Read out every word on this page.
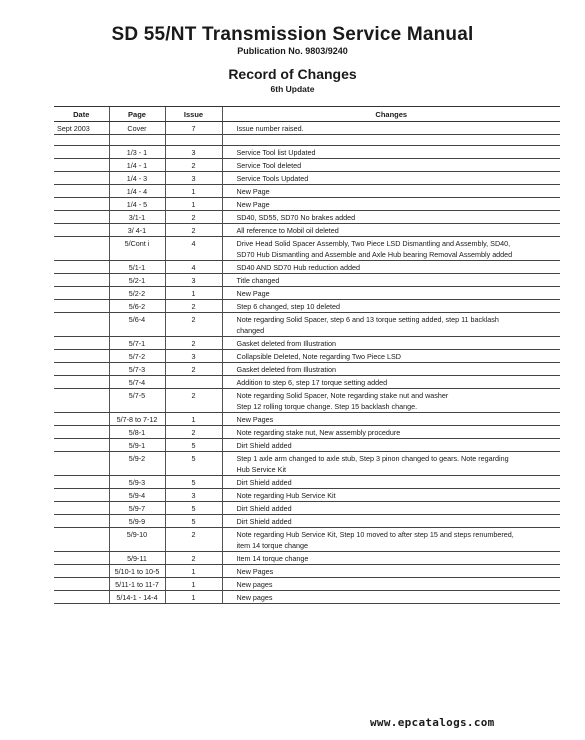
SD 55/NT Transmission Service Manual
Publication No. 9803/9240
Record of Changes
6th Update
Date	Page	Issue	Changes
Sept 2003	Cover	7	Issue number raised.

	1/3 - 1	3	Service Tool list Updated

	1/4 - 1	2	Service Tool deleted

	1/4 - 3	3	Service Tools Updated

	1/4 - 4	1	New Page

	1/4 - 5	1	New Page

	3/1-1	2	SD40, SD55, SD70 No brakes added

	3/ 4-1	2	All reference to Mobil oil deleted

	5/Cont i	4	Drive Head Solid Spacer Assembly, Two Piece LSD Dismantling and Assembly, SD40,
SD70 Hub Dismantling and Assemble and Axle Hub bearing Removal Assembly added

	5/1-1	4	SD40 AND SD70 Hub reduction added

	5/2-1	3	Title changed

	5/2-2	1	New Page

	5/6-2	2	Step 6 changed, step 10 deleted

	5/6-4	2	Note regarding Solid Spacer, step 6 and 13 torque setting added, step 11 backlash
changed

	5/7-1	2	Gasket deleted from Illustration

	5/7-2	3	Collapsible Deleted, Note regarding Two Piece LSD

	5/7-3	2	Gasket deleted from Illustration

	5/7-4		Addition to step 6, step 17 torque setting added

	5/7-5	2	Note regarding Solid Spacer, Note regarding stake nut and washer
Step 12 rolling torque change. Step 15 backlash change.

	5/7-8 to 7-12	1	New Pages

	5/8-1	2	Note regarding stake nut, New assembly procedure

	5/9-1	5	Dirt Shield added

	5/9-2	5	Step 1 axle arm changed to axle stub, Step 3 pinon changed to gears. Note regarding
Hub Service Kit

	5/9-3	5	Dirt Shield added

	5/9-4	3	Note regarding Hub Service Kit

	5/9-7	5	Dirt Shield added

	5/9-9	5	Dirt Shield added

	5/9-10	2	Note regarding Hub Service Kit, Step 10 moved to after step 15 and steps renumbered,
item 14 torque change

	5/9-11	2	Item 14 torque change

	5/10-1 to 10-5	1	New Pages

	5/11-1 to 11-7	1	New pages

	5/14-1 - 14-4	1	New pages
www.epcatalogs.com
